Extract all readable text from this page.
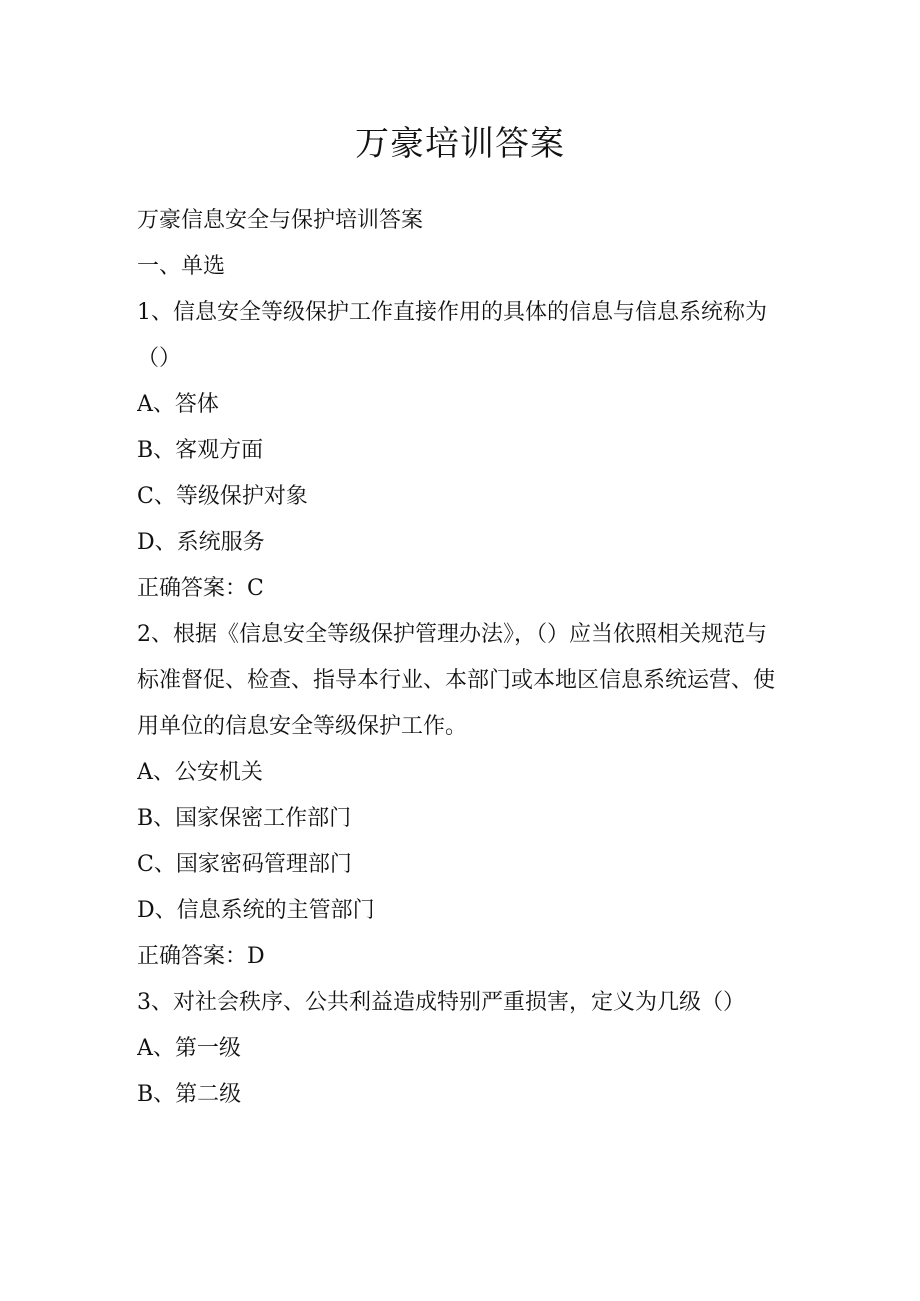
万豪培训答案
万豪信息安全与保护培训答案
一、单选
1、信息安全等级保护工作直接作用的具体的信息与信息系统称为
（）
A、答体
B、客观方面
C、等级保护对象
D、系统服务
正确答案：C
2、根据《信息安全等级保护管理办法》，（）应当依照相关规范与
标准督促、检查、指导本行业、本部门或本地区信息系统运营、使
用单位的信息安全等级保护工作。
A、公安机关
B、国家保密工作部门
C、国家密码管理部门
D、信息系统的主管部门
正确答案：D
3、对社会秩序、公共利益造成特别严重损害，定义为几级（）
A、第一级
B、第二级
